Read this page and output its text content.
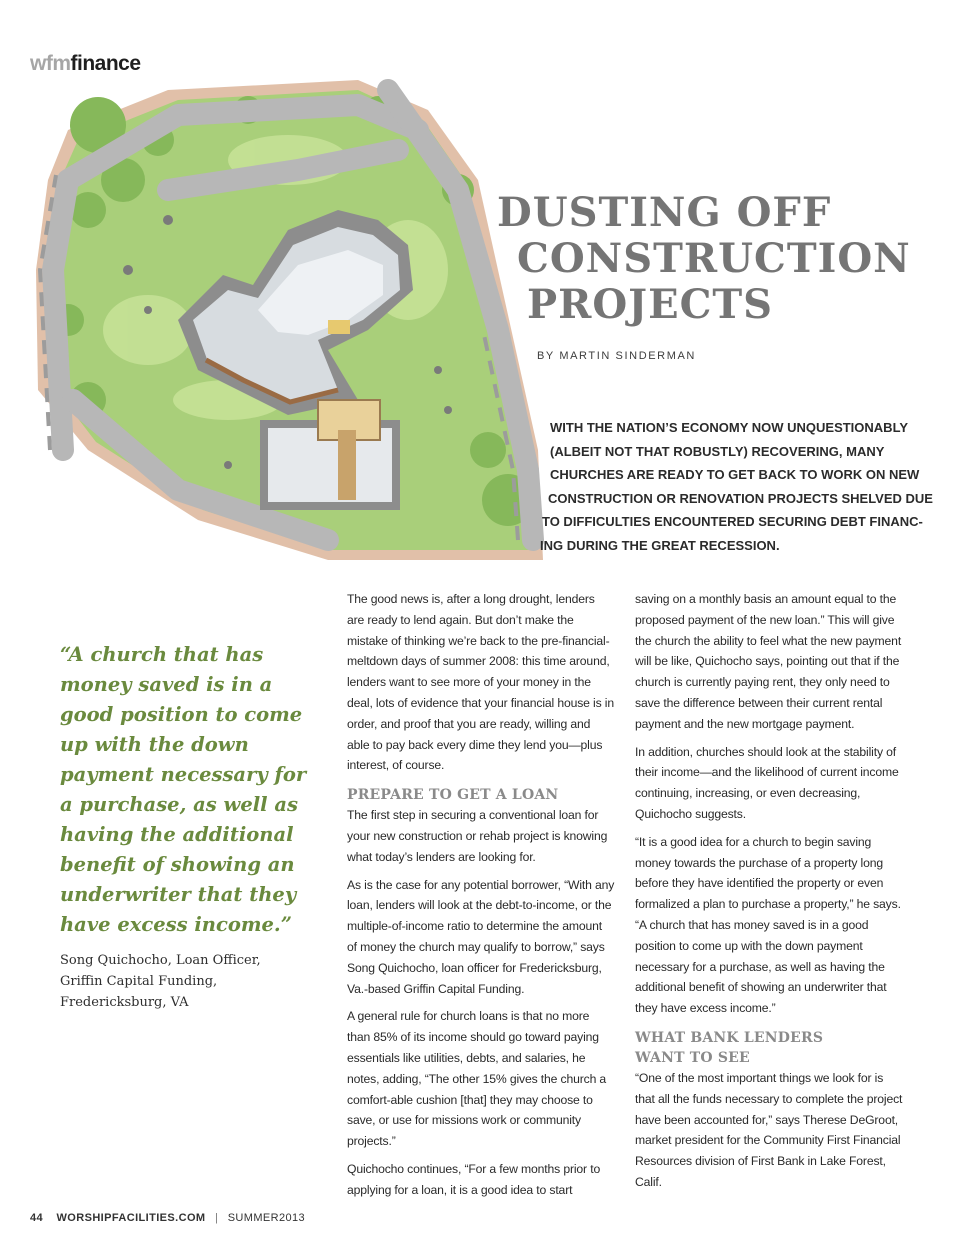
wfmfinance
DUSTING OFF
CONSTRUCTION
PROJECTS
BY MARTIN SINDERMAN
WITH THE NATION’S ECONOMY NOW UNQUESTIONABLY
(ALBEIT NOT THAT ROBUSTLY) RECOVERING, MANY
CHURCHES ARE READY TO GET BACK TO WORK ON NEW
CONSTRUCTION OR RENOVATION PROJECTS SHELVED DUE
TO DIFFICULTIES ENCOUNTERED SECURING DEBT FINANC-
ING DURING THE GREAT RECESSION.
“A church that has money saved is in a good position to come up with the down payment necessary for a purchase, as well as having the additional benefit of showing an underwriter that they have excess income.”
Song Quichocho, Loan Officer,
Griffin Capital Funding,
Fredericksburg, VA

The good news is, after a long drought, lenders are ready to lend again. But don’t make the mistake of thinking we’re back to the pre-financial-meltdown days of summer 2008: this time around, lenders want to see more of your money in the deal, lots of evidence that your financial house is in order, and proof that you are ready, willing and able to pay back every dime they lend you—plus interest, of course.

PREPARE TO GET A LOAN

The first step in securing a conventional loan for your new construction or rehab project is knowing what today’s lenders are looking for.

As is the case for any potential borrower, “With any loan, lenders will look at the debt-to-income, or the multiple-of-income ratio to determine the amount of money the church may qualify to borrow,” says Song Quichocho, loan officer for Fredericksburg, Va.-based Griffin Capital Funding.

A general rule for church loans is that no more than 85% of its income should go toward paying essentials like utilities, debts, and salaries, he notes, adding, “The other 15% gives the church a comfort-able cushion [that] they may choose to save, or use for missions work or community projects.”

Quichocho continues, “For a few months prior to applying for a loan, it is a good idea to start

saving on a monthly basis an amount equal to the proposed payment of the new loan.” This will give the church the ability to feel what the new payment will be like, Quichocho says, pointing out that if the church is currently paying rent, they only need to save the difference between their current rental payment and the new mortgage payment.

In addition, churches should look at the stability of their income—and the likelihood of current income continuing, increasing, or even decreasing, Quichocho suggests.

“It is a good idea for a church to begin saving money towards the purchase of a property long before they have identified the property or even formalized a plan to purchase a property,” he says. “A church that has money saved is in a good position to come up with the down payment necessary for a purchase, as well as having the additional benefit of showing an underwriter that they have excess income.”

WHAT BANK LENDERS
WANT TO SEE

“One of the most important things we look for is that all the funds necessary to complete the project have been accounted for,” says Therese DeGroot, market president for the Community First Financial Resources division of First Bank in Lake Forest, Calif.

44 WORSHIPFACILITIES.COM | SUMMER2013
